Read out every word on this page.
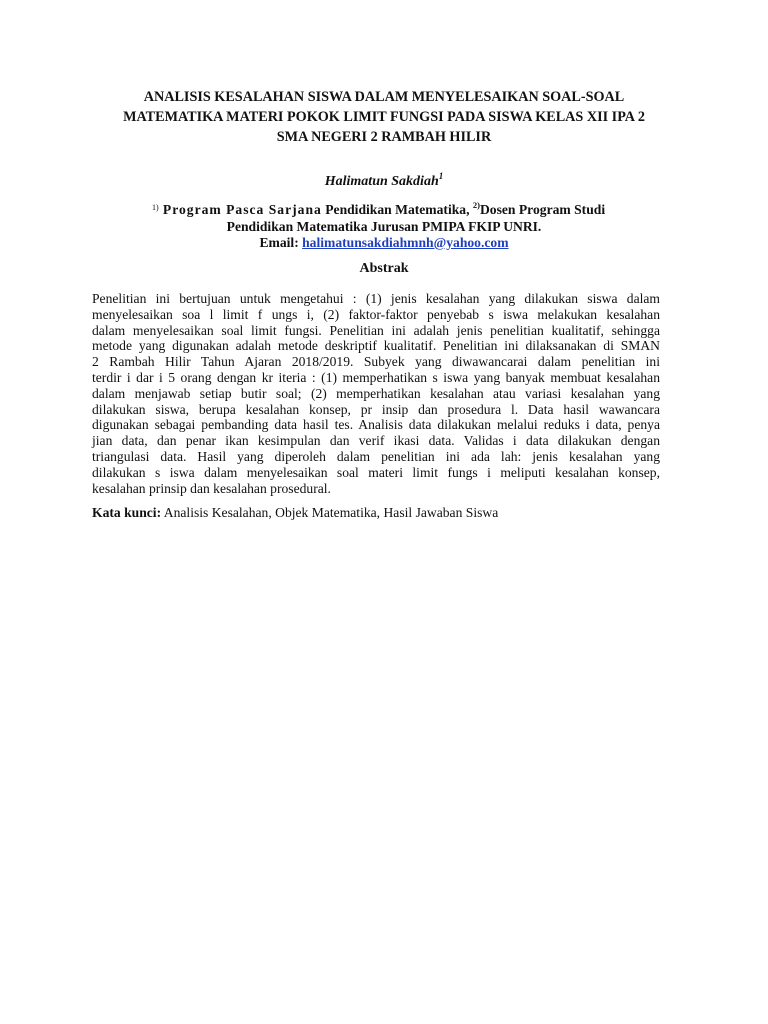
ANALISIS KESALAHAN SISWA DALAM MENYELESAIKAN SOAL-SOAL
MATEMATIKA MATERI POKOK LIMIT FUNGSI PADA SISWA KELAS XII IPA 2
SMA NEGERI 2 RAMBAH HILIR

Halimatun Sakdiah$^1$

1) Program Pasca Sarjana Pendidikan Matematika, $^{2)}$Dosen Program Studi
Pendidikan Matematika Jurusan PMIPA FKIP UNRI.
Email: halimatunsakdiahmnh@yahoo.com
Abstrak
Penelitian ini bertujuan untuk mengetahui : (1) jenis kesalahan yang dilakukan siswa dalam
menyelesaikan soa l limit f ungs i, (2) faktor-faktor penyebab s iswa melakukan kesalahan
dalam menyelesaikan soal limit fungsi. Penelitian ini adalah jenis penelitian kualitatif, sehingga
metode yang digunakan adalah metode deskriptif kualitatif. Penelitian ini dilaksanakan di SMAN
2 Rambah Hilir Tahun Ajaran 2018/2019. Subyek yang diwawancarai dalam penelitian ini
terdir i dar i 5 orang dengan kr iteria : (1) memperhatikan s iswa yang banyak membuat kesalahan
dalam menjawab setiap butir soal; (2) memperhatikan kesalahan atau variasi kesalahan yang
dilakukan siswa, berupa kesalahan konsep, pr insip dan prosedura l. Data hasil wawancara
digunakan sebagai pembanding data hasil tes. Analisis data dilakukan melalui reduks i data, penya
jian data, dan penar ikan kesimpulan dan verif ikasi data. Validas i data dilakukan dengan
triangulasi data. Hasil yang diperoleh dalam penelitian ini ada lah: jenis kesalahan yang
dilakukan s iswa dalam menyelesaikan soal materi limit fungs i meliputi kesalahan konsep,
kesalahan prinsip dan kesalahan prosedural.

Kata kunci: Analisis Kesalahan, Objek Matematika, Hasil Jawaban Siswa
